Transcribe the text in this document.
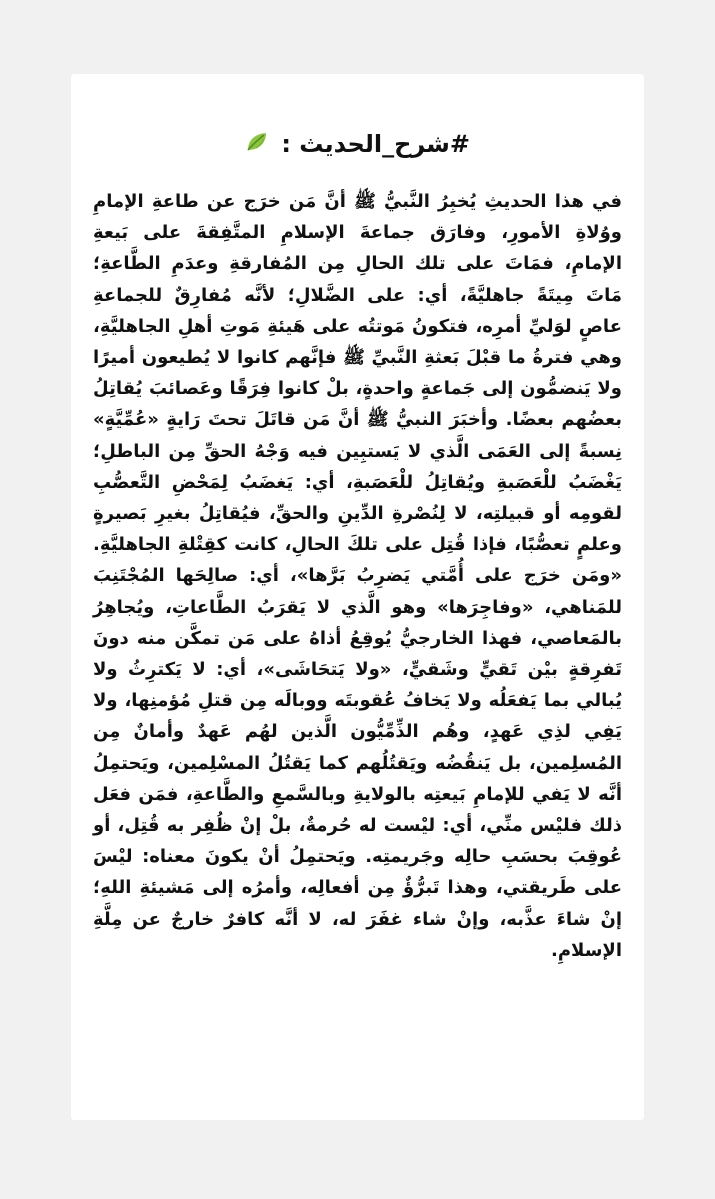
#شرح_الحديث :
في هذا الحديثِ يُخبِرُ النَّبيُّ ﷺ أنَّ مَن خرَج عن طاعةِ الإمامِ ووُلاةِ الأمورِ، وفارَق جماعةَ الإسلامِ المتَّفِقةَ على بَيعةِ الإمامِ، فمَاتَ على تلك الحالِ مِن المُفارقةِ وعدَمِ الطَّاعةِ؛ مَاتَ مِيتَةً جاهليَّةً، أي: على الضَّلالِ؛ لأنَّه مُفارِقٌ للجماعةِ عاصٍ لوَليِّ أمرِه، فتكونُ مَوتتُه على هَيئةِ مَوتِ أهلِ الجاهليَّةِ، وهي فترةُ ما قبْلَ بَعثةِ النَّبيِّ ﷺ فإنَّهم كانوا لا يُطيعون أميرًا ولا يَنضمُّون إلى جَماعةٍ واحدةٍ، بلْ كانوا فِرَقًا وعَصائبَ يُقاتِلُ بعضُهم بعضًا. وأخبَرَ النبيُّ ﷺ أنَّ مَن قاتَلَ تحتَ رَايةٍ «عُمِّيَّةٍ» نِسبةً إلى العَمَى الَّذي لا يَستبِين فيه وَجْهُ الحقِّ مِن الباطلِ؛ يَغْضَبُ للْعَصَبةِ ويُقاتِلُ للْعَصَبةِ، أي: يَغضَبُ لِمَحْضِ التَّعصُّبِ لقومِه أو قبيلتِه، لا لِنُصْرةِ الدِّينِ والحقِّ، فيُقاتِلُ بغيرِ بَصيرةٍ وعلمٍ تعصُّبًا، فإذا قُتِل على تلكَ الحالِ، كانت كقِتْلةِ الجاهليَّةِ. «ومَن خرَج على أُمَّتي يَضرِبُ بَرَّها»، أي: صالِحَها المُجْتَنِبَ للمَناهي، «وفاجِرَها» وهو الَّذي لا يَقرَبُ الطَّاعاتِ، ويُجاهِرُ بالمَعاصي، فهذا الخارجيُّ يُوقِعُ أذاهُ على مَن تمكَّن منه دونَ تَفرِقةٍ بيْن تَقيٍّ وشَقيٍّ، «ولا يَتحَاشَى»، أي: لا يَكترِثُ ولا يُبالي بما يَفعَلُه ولا يَخافُ عُقوبتَه ووبالَه مِن قتلِ مُؤمنِها، ولا يَفِي لذِي عَهدٍ، وهُم الذِّمِّيُّون الَّذين لهُم عَهدٌ وأمانٌ مِن المُسلِمين، بل يَنقُضُه ويَقتُلُهم كما يَقتُلُ المسْلِمين، ويَحتمِلُ أنَّه لا يَفي للإمامِ بَيعتِه بالولايةِ وبالسَّمعِ والطَّاعةِ، فمَن فعَل ذلك فليْس منِّي، أي: ليْست له حُرمةٌ، بلْ إنْ ظُفِر به قُتِل، أو عُوقِبَ بحسَبِ حالِه وجَريمتِه. ويَحتمِلُ أنْ يكونَ معناه: ليْسَ على طَريقتي، وهذا تَبرُّؤٌ مِن أفعالِه، وأمرُه إلى مَشيئةِ اللهِ؛ إنْ شاءَ عذَّبه، وإنْ شاء غفَرَ له، لا أنَّه كافرٌ خارجٌ عن مِلَّةِ الإسلامِ.
